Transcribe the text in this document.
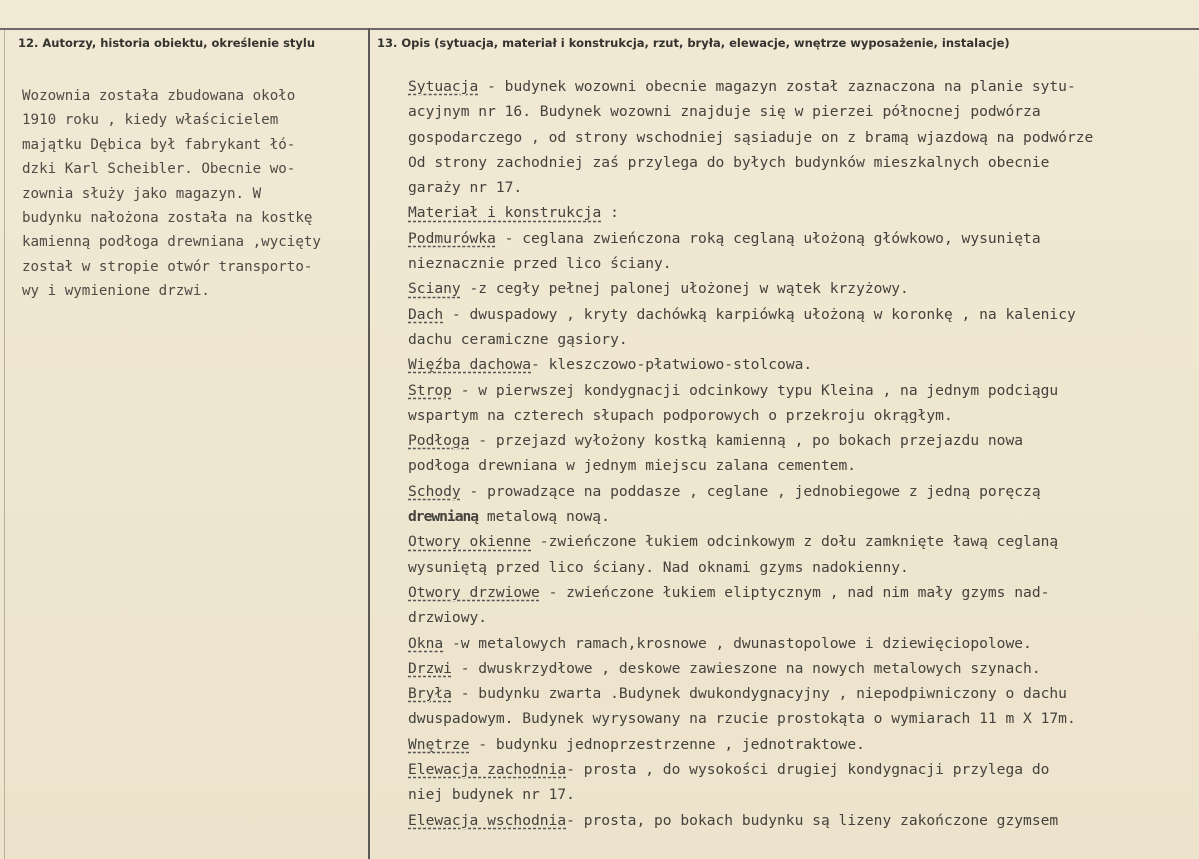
12. Autorzy, historia obiektu, określenie stylu	13. Opis (sytuacja, materiał i konstrukcja, rzut, bryła, elewacje, wnętrze wyposażenie, instalacje)
Wozownia została zbudowana około
1910 roku , kiedy właścicielem
majątku Dębica był fabrykant łó-
dzki Karl Scheibler. Obecnie wo-
zownia służy jako magazyn. W
budynku nałożona została na kostkę
kamienną podłoga drewniana ,wycięty
został w stropie otwór transporto-
wy i wymienione drzwi.
Sytuacja - budynek wozowni obecnie magazyn został zaznaczona na planie sytu-
acyjnym nr 16. Budynek wozowni znajduje się w pierzei północnej podwórza
gospodarczego , od strony wschodniej sąsiaduje on z bramą wjazdową na podwórze
Od strony zachodniej zaś przylega do byłych budynków mieszkalnych obecnie
garaży nr 17.
Materiał i konstrukcja :
Podmurówka - ceglana zwieńczona roką ceglaną ułożoną główkowo, wysunięta
nieznacznie przed lico ściany.
Sciany -z cegły pełnej palonej ułożonej w wątek krzyżowy.
Dach - dwuspadowy , kryty dachówką karpiówką ułożoną w koronkę , na kalenicy
dachu ceramiczne gąsiory.
Więźba dachowa- kleszczowo-płatwiowo-stolcowa.
Strop - w pierwszej kondygnacji odcinkowy typu Kleina , na jednym podciągu
wspartym na czterech słupach podporowych o przekroju okrągłym.
Podłoga - przejazd wyłożony kostką kamienną , po bokach przejazdu nowa
podłoga drewniana w jednym miejscu zalana cementem.
Schody - prowadzące na poddasze , ceglane , jednobiegowe z jedną poręczą
drewnianą metalową nową.
Otwory okienne -zwieńczone łukiem odcinkowym z dołu zamknięte ławą ceglaną
wysuniętą przed lico ściany. Nad oknami gzyms nadokienny.
Otwory drzwiowe - zwieńczone łukiem eliptycznym , nad nim mały gzyms nad-
drzwiowy.
Okna -w metalowych ramach,krosnowe , dwunastopolowe i dziewięciopolowe.
Drzwi - dwuskrzydłowe , deskowe zawieszone na nowych metalowych szynach.
Bryła - budynku zwarta .Budynek dwukondygnacyjny , niepodpiwniczony o dachu
dwuspadowym. Budynek wyrysowany na rzucie prostokąta o wymiarach 11 m X 17m.
Wnętrze - budynku jednoprzestrzenne , jednotraktowe.
Elewacja zachodnia- prosta , do wysokości drugiej kondygnacji przylega do
niej budynek nr 17.
Elewacja wschodnia- prosta, po bokach budynku są lizeny zakończone gzymsem
